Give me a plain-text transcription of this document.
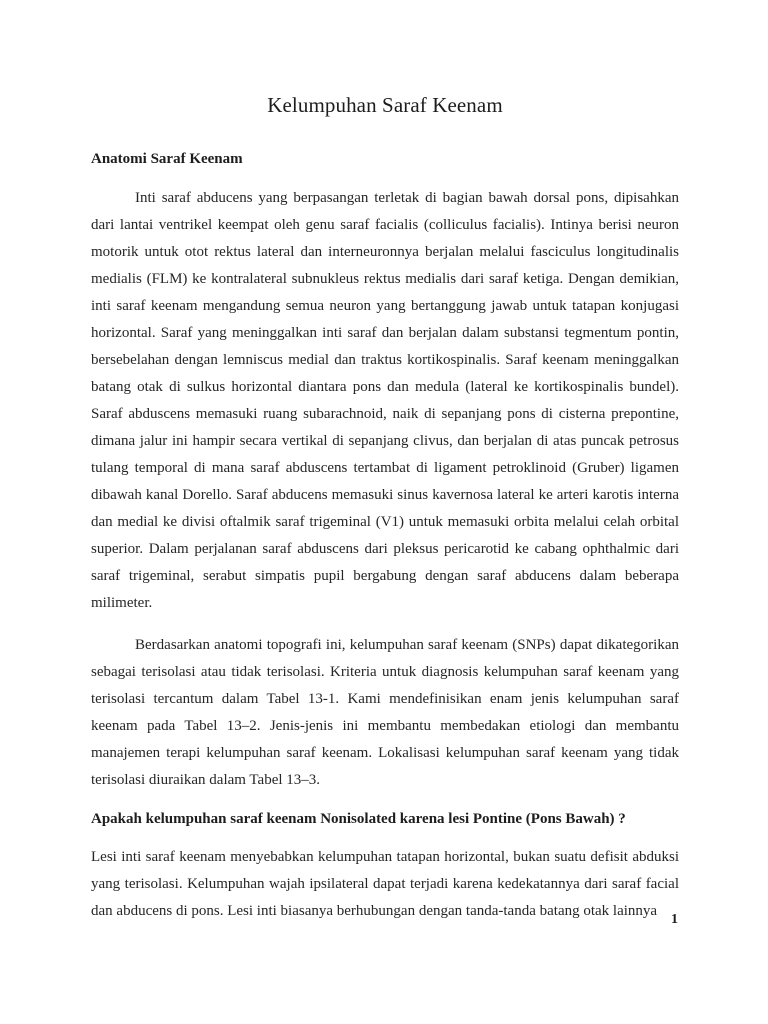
Kelumpuhan Saraf Keenam
Anatomi Saraf Keenam

Inti saraf abducens yang berpasangan terletak di bagian bawah dorsal pons, dipisahkan dari lantai ventrikel keempat oleh genu saraf facialis (colliculus facialis). Intinya berisi neuron motorik untuk otot rektus lateral dan interneuronnya berjalan melalui fasciculus longitudinalis medialis (FLM) ke kontralateral subnukleus rektus medialis dari saraf ketiga. Dengan demikian, inti saraf keenam mengandung semua neuron yang bertanggung jawab untuk tatapan konjugasi horizontal. Saraf yang meninggalkan inti saraf dan berjalan dalam substansi tegmentum pontin, bersebelahan dengan lemniscus medial dan traktus kortikospinalis. Saraf keenam meninggalkan batang otak di sulkus horizontal diantara pons dan medula (lateral ke kortikospinalis bundel). Saraf abduscens memasuki ruang subarachnoid, naik di sepanjang pons di cisterna prepontine, dimana jalur ini hampir secara vertikal di sepanjang clivus, dan berjalan di atas puncak petrosus tulang temporal di mana saraf abduscens tertambat di ligament petroklinoid (Gruber) ligamen dibawah kanal Dorello. Saraf abducens memasuki sinus kavernosa lateral ke arteri karotis interna dan medial ke divisi oftalmik saraf trigeminal (V1) untuk memasuki orbita melalui celah orbital superior. Dalam perjalanan saraf abduscens dari pleksus pericarotid ke cabang ophthalmic dari saraf trigeminal, serabut simpatis pupil bergabung dengan saraf abducens dalam beberapa milimeter.

Berdasarkan anatomi topografi ini, kelumpuhan saraf keenam (SNPs) dapat dikategorikan sebagai terisolasi atau tidak terisolasi. Kriteria untuk diagnosis kelumpuhan saraf keenam yang terisolasi tercantum dalam Tabel 13-1. Kami mendefinisikan enam jenis kelumpuhan saraf keenam pada Tabel 13–2. Jenis-jenis ini membantu membedakan etiologi dan membantu manajemen terapi kelumpuhan saraf keenam. Lokalisasi kelumpuhan saraf keenam yang tidak terisolasi diuraikan dalam Tabel 13–3.

Apakah kelumpuhan saraf keenam Nonisolated karena lesi Pontine (Pons Bawah) ?

Lesi inti saraf keenam menyebabkan kelumpuhan tatapan horizontal, bukan suatu defisit abduksi yang terisolasi. Kelumpuhan wajah ipsilateral dapat terjadi karena kedekatannya dari saraf facial dan abducens di pons. Lesi inti biasanya berhubungan dengan tanda-tanda batang otak lainnya

1
